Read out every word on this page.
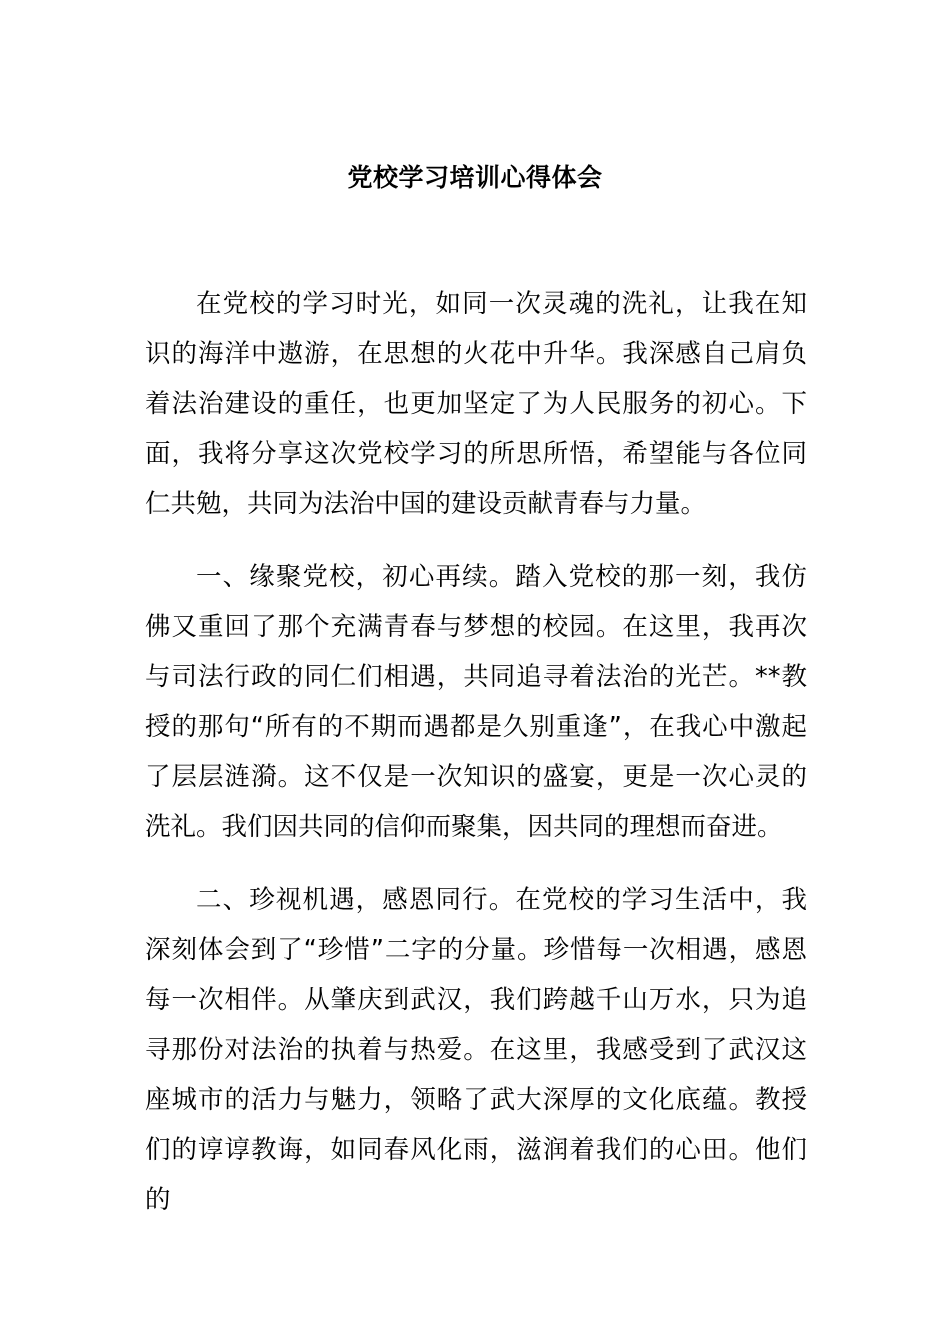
党校学习培训心得体会

在党校的学习时光，如同一次灵魂的洗礼，让我在知识的海洋中遨游，在思想的火花中升华。我深感自己肩负着法治建设的重任，也更加坚定了为人民服务的初心。下面，我将分享这次党校学习的所思所悟，希望能与各位同仁共勉，共同为法治中国的建设贡献青春与力量。

一、缘聚党校，初心再续。踏入党校的那一刻，我仿佛又重回了那个充满青春与梦想的校园。在这里，我再次与司法行政的同仁们相遇，共同追寻着法治的光芒。**教授的那句“所有的不期而遇都是久别重逢”，在我心中激起了层层涟漪。这不仅是一次知识的盛宴，更是一次心灵的洗礼。我们因共同的信仰而聚集，因共同的理想而奋进。

二、珍视机遇，感恩同行。在党校的学习生活中，我深刻体会到了“珍惜”二字的分量。珍惜每一次相遇，感恩每一次相伴。从肇庆到武汉，我们跨越千山万水，只为追寻那份对法治的执着与热爱。在这里，我感受到了武汉这座城市的活力与魅力，领略了武大深厚的文化底蕴。教授们的谆谆教诲，如同春风化雨，滋润着我们的心田。他们的
